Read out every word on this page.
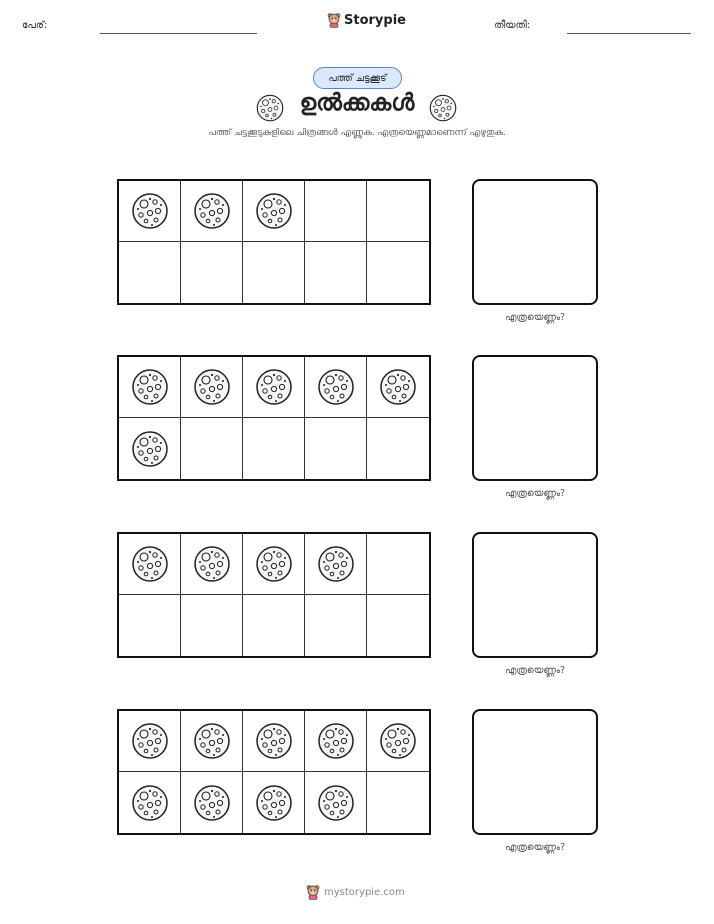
പേര്:	Storypie	തീയതി:
പത്ത് ചട്ടക്കൂട്
ഉൽക്കകൾ
പത്ത് ചട്ടക്കൂടുകളിലെ ചിത്രങ്ങൾ എണ്ണുക. എത്രയെണ്ണമാണെന്ന് എഴുതുക.
എത്രയെണ്ണം?
എത്രയെണ്ണം?
എത്രയെണ്ണം?
എത്രയെണ്ണം?
mystorypie.com
